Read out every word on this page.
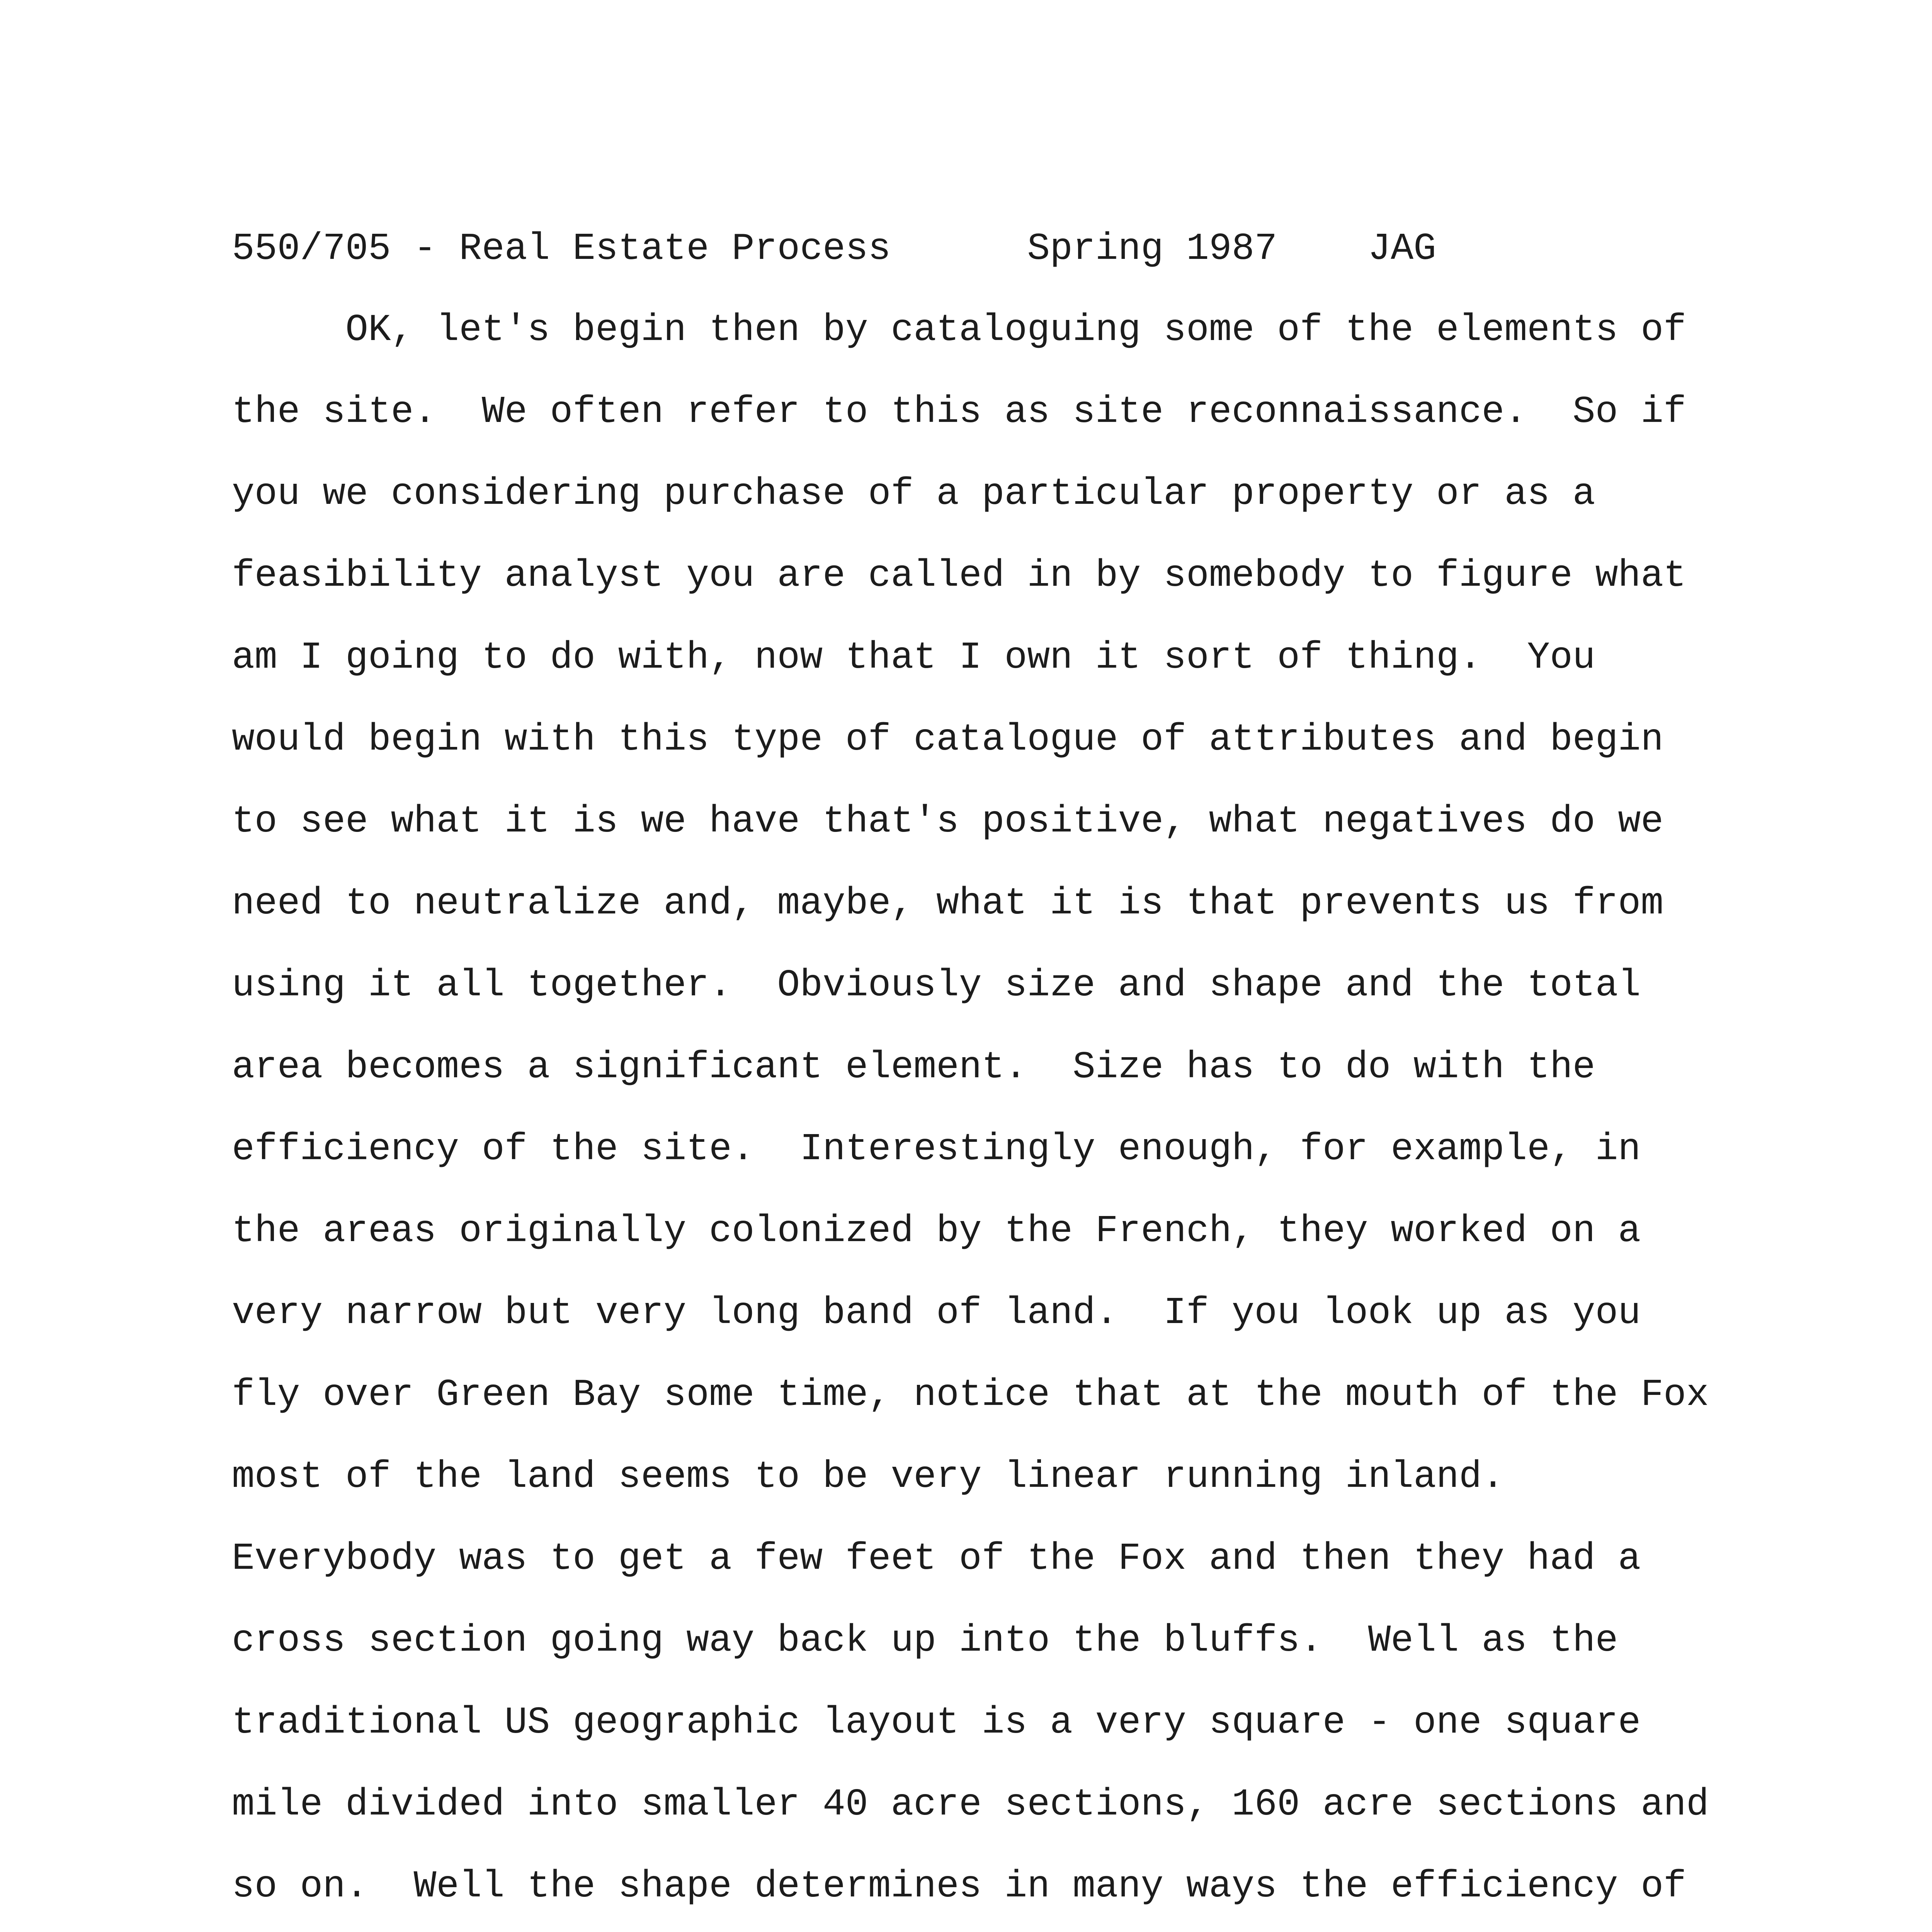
550/705 - Real Estate Process	Spring 1987 JAG
OK, let's begin then by cataloguing some of the elements of
the site.  We often refer to this as site reconnaissance.  So if
you we considering purchase of a particular property or as a
feasibility analyst you are called in by somebody to figure what
am I going to do with, now that I own it sort of thing.  You
would begin with this type of catalogue of attributes and begin
to see what it is we have that's positive, what negatives do we
need to neutralize and, maybe, what it is that prevents us from
using it all together.  Obviously size and shape and the total
area becomes a significant element.  Size has to do with the
efficiency of the site.  Interestingly enough, for example, in
the areas originally colonized by the French, they worked on a
very narrow but very long band of land.  If you look up as you
fly over Green Bay some time, notice that at the mouth of the Fox
most of the land seems to be very linear running inland.
Everybody was to get a few feet of the Fox and then they had a
cross section going way back up into the bluffs.  Well as the
traditional US geographic layout is a very square - one square
mile divided into smaller 40 acre sections, 160 acre sections and
so on.  Well the shape determines in many ways the efficiency of
